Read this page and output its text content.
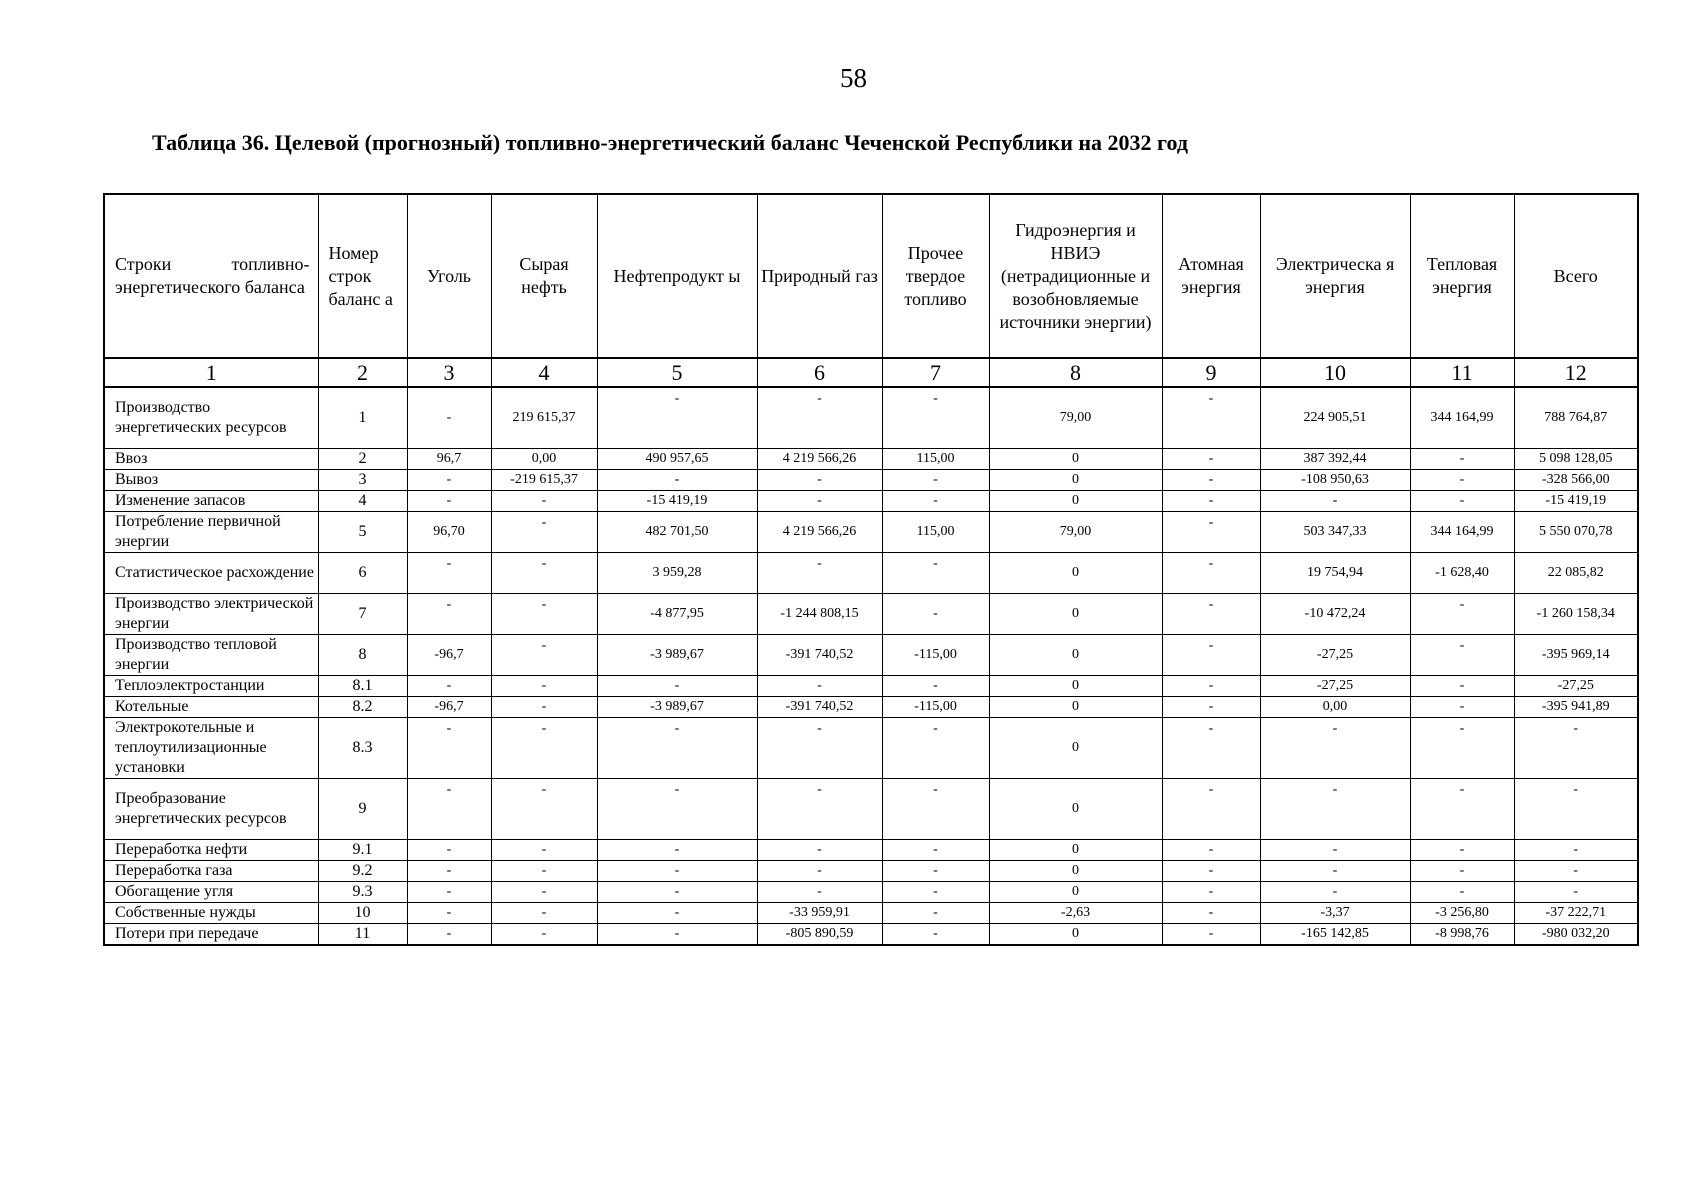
58
Таблица 36. Целевой (прогнозный) топливно-энергетический баланс Чеченской Республики на 2032 год
Строки топливно-энергетического баланса	Номер строк баланс а	Уголь	Сырая нефть	Нефтепродукт ы	Природный газ	Прочее твердое топливо	Гидроэнергия и НВИЭ (нетрадиционные и возобновляемые источники энергии)	Атомная энергия	Электрическа я энергия	Тепловая энергия	Всего
1	2	3	4	5	6	7	8	9	10	11	12
Производство энергетических ресурсов	1	-	219 615,37	-	-	-	79,00	-	224 905,51	344 164,99	788 764,87
Ввоз	2	96,7	0,00	490 957,65	4 219 566,26	115,00	0	-	387 392,44	-	5 098 128,05
Вывоз	3	-	-219 615,37	-	-	-	0	-	-108 950,63	-	-328 566,00
Изменение запасов	4	-	-	-15 419,19	-	-	0	-	-	-	-15 419,19
Потребление первичной энергии	5	96,70	-	482 701,50	4 219 566,26	115,00	79,00	-	503 347,33	344 164,99	5 550 070,78
Статистическое расхождение	6	-	-	3 959,28	-	-	0	-	19 754,94	-1 628,40	22 085,82
Производство электрической энергии	7	-	-	-4 877,95	-1 244 808,15	-	0	-	-10 472,24	-	-1 260 158,34
Производство тепловой энергии	8	-96,7	-	-3 989,67	-391 740,52	-115,00	0	-	-27,25	-	-395 969,14
Теплоэлектростанции	8.1	-	-	-	-	-	0	-	-27,25	-	-27,25
Котельные	8.2	-96,7	-	-3 989,67	-391 740,52	-115,00	0	-	0,00	-	-395 941,89
Электрокотельные и теплоутилизационные установки	8.3	-	-	-	-	-	0	-	-	-	-

Преобразование энергетических ресурсов	9	-	-	-	-	-	0	-	-	-	-

Переработка нефти	9.1	-	-	-	-	-	0	-	-	-	-
Переработка газа	9.2	-	-	-	-	-	0	-	-	-	-
Обогащение угля	9.3	-	-	-	-	-	0	-	-	-	-
Собственные нужды	10	-	-	-	-33 959,91	-	-2,63	-	-3,37	-3 256,80	-37 222,71
Потери при передаче	11	-	-	-	-805 890,59	-	0	-	-165 142,85	-8 998,76	-980 032,20
